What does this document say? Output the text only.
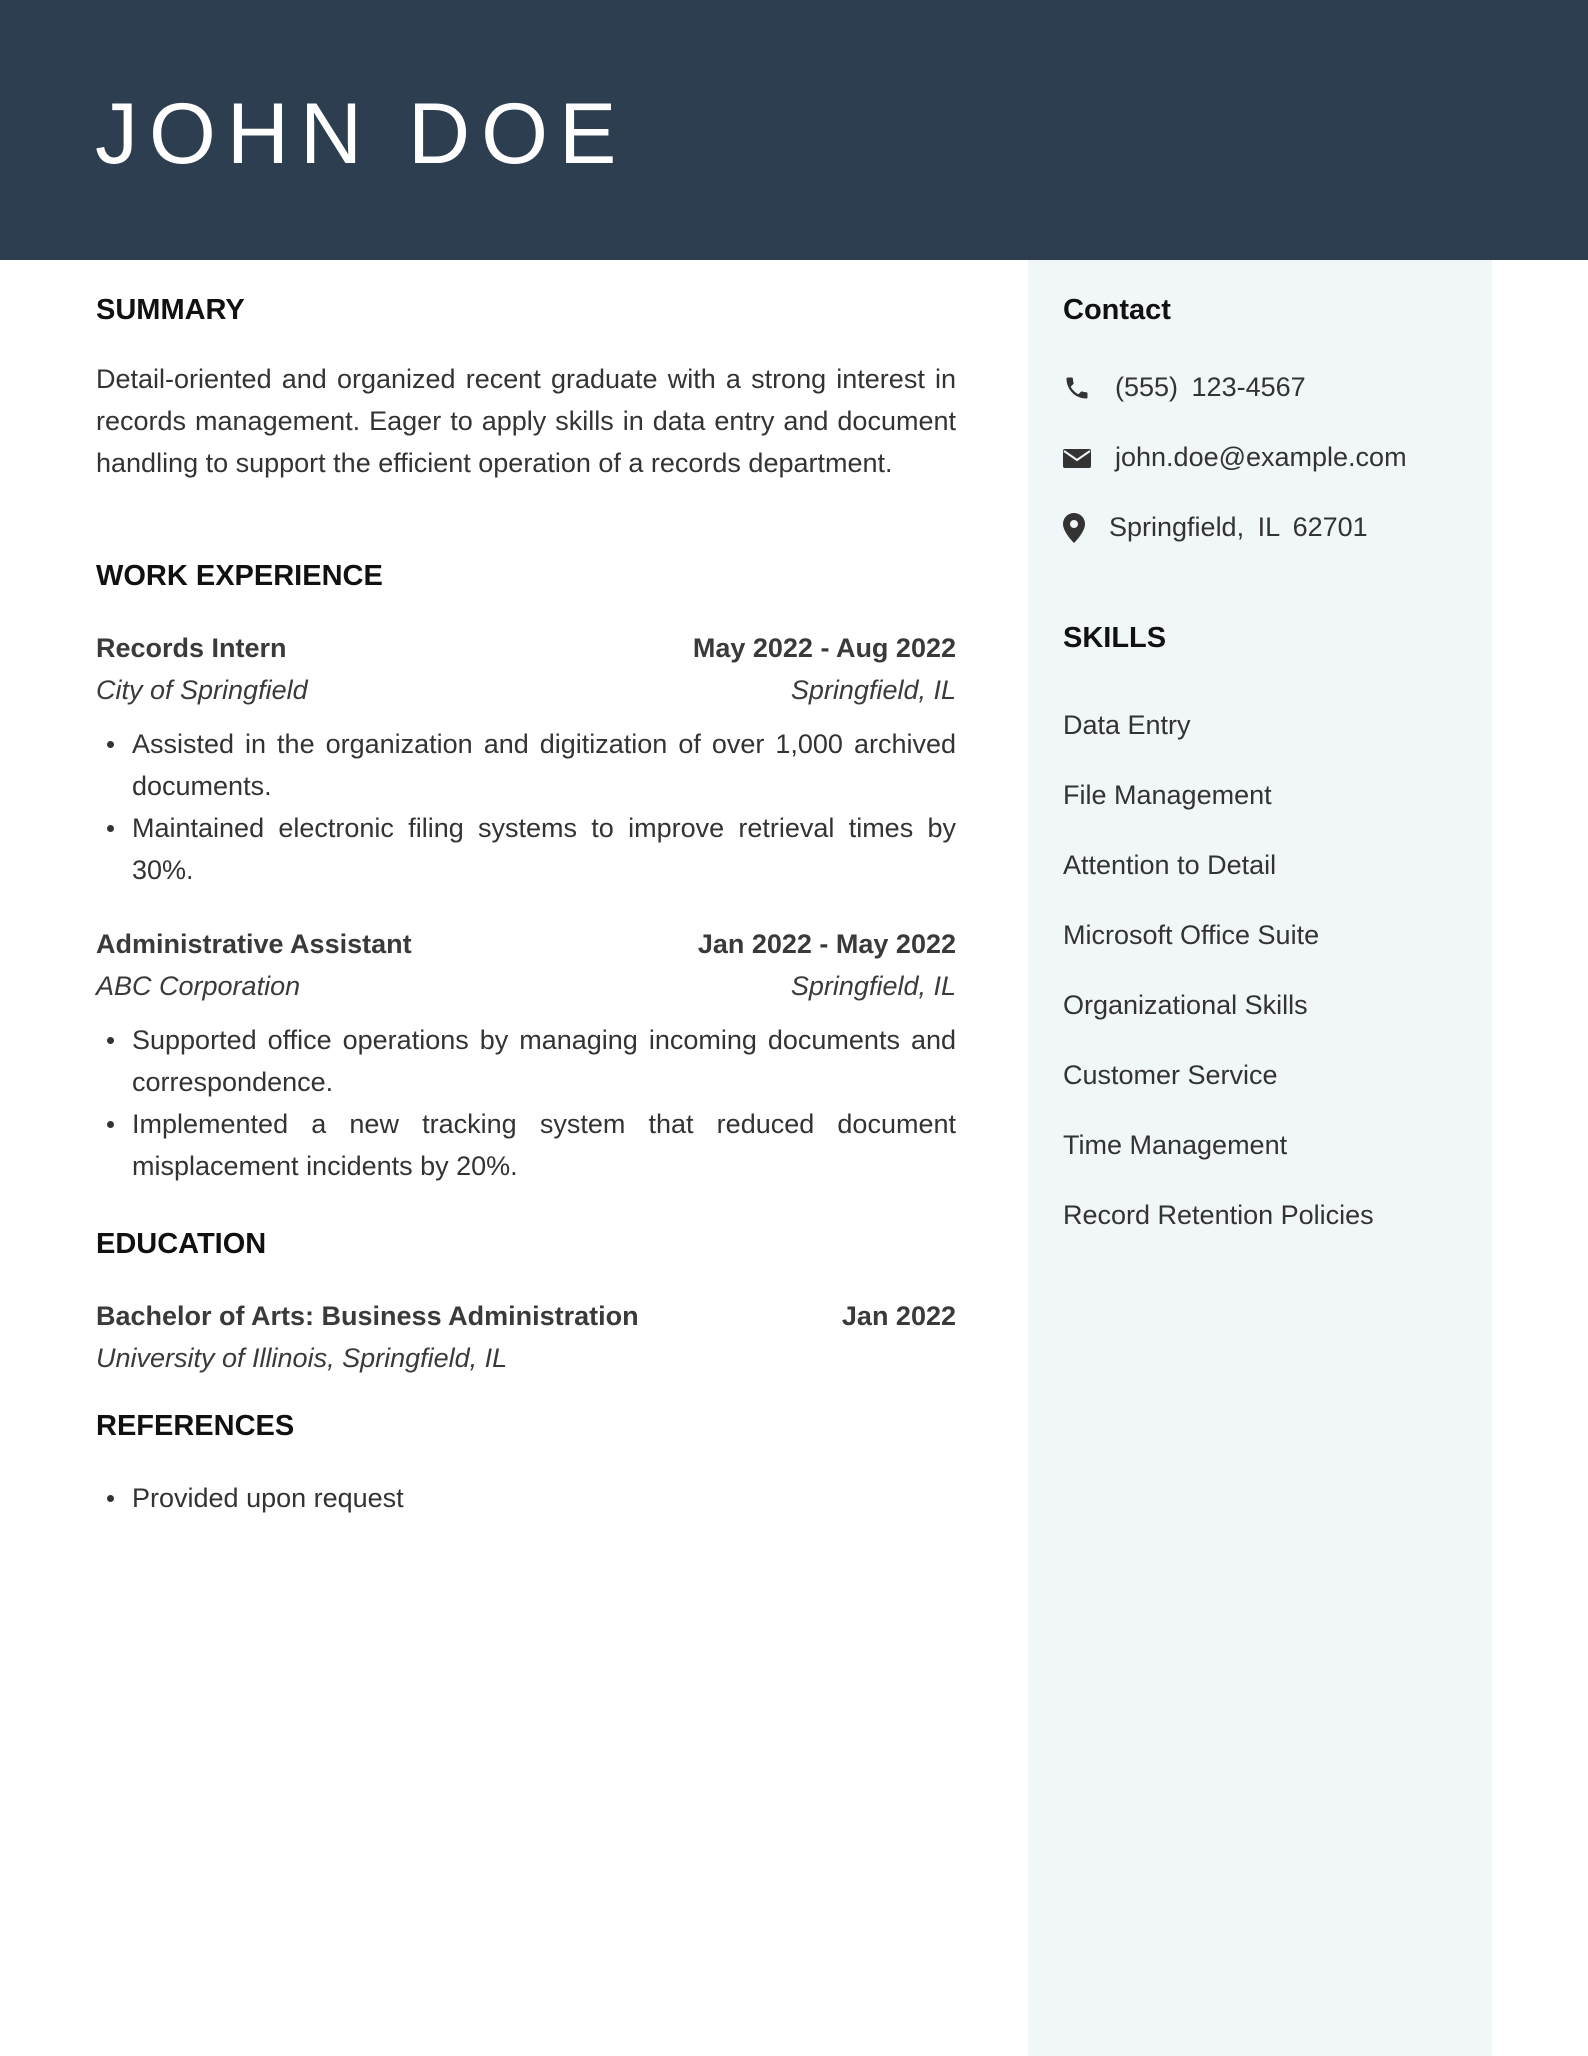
JOHN DOE
SUMMARY

Detail-oriented and organized recent graduate with a strong interest in records management. Eager to apply skills in data entry and document handling to support the efficient operation of a records department.

WORK EXPERIENCE
Records Intern	May 2022 - Aug 2022
City of Springfield	Springfield, IL
Assisted in the organization and digitization of over 1,000 archived documents.
Maintained electronic filing systems to improve retrieval times by 30%.
Administrative Assistant	Jan 2022 - May 2022
ABC Corporation	Springfield, IL
Supported office operations by managing incoming documents and correspondence.
Implemented a new tracking system that reduced document misplacement incidents by 20%.
EDUCATION
Bachelor of Arts: Business Administration	Jan 2022
University of Illinois, Springfield, IL
REFERENCES
Provided upon request
Contact
(555) 123-4567
john.doe@example.com
Springfield, IL 62701
SKILLS
Data Entry
File Management
Attention to Detail
Microsoft Office Suite
Organizational Skills
Customer Service
Time Management
Record Retention Policies
